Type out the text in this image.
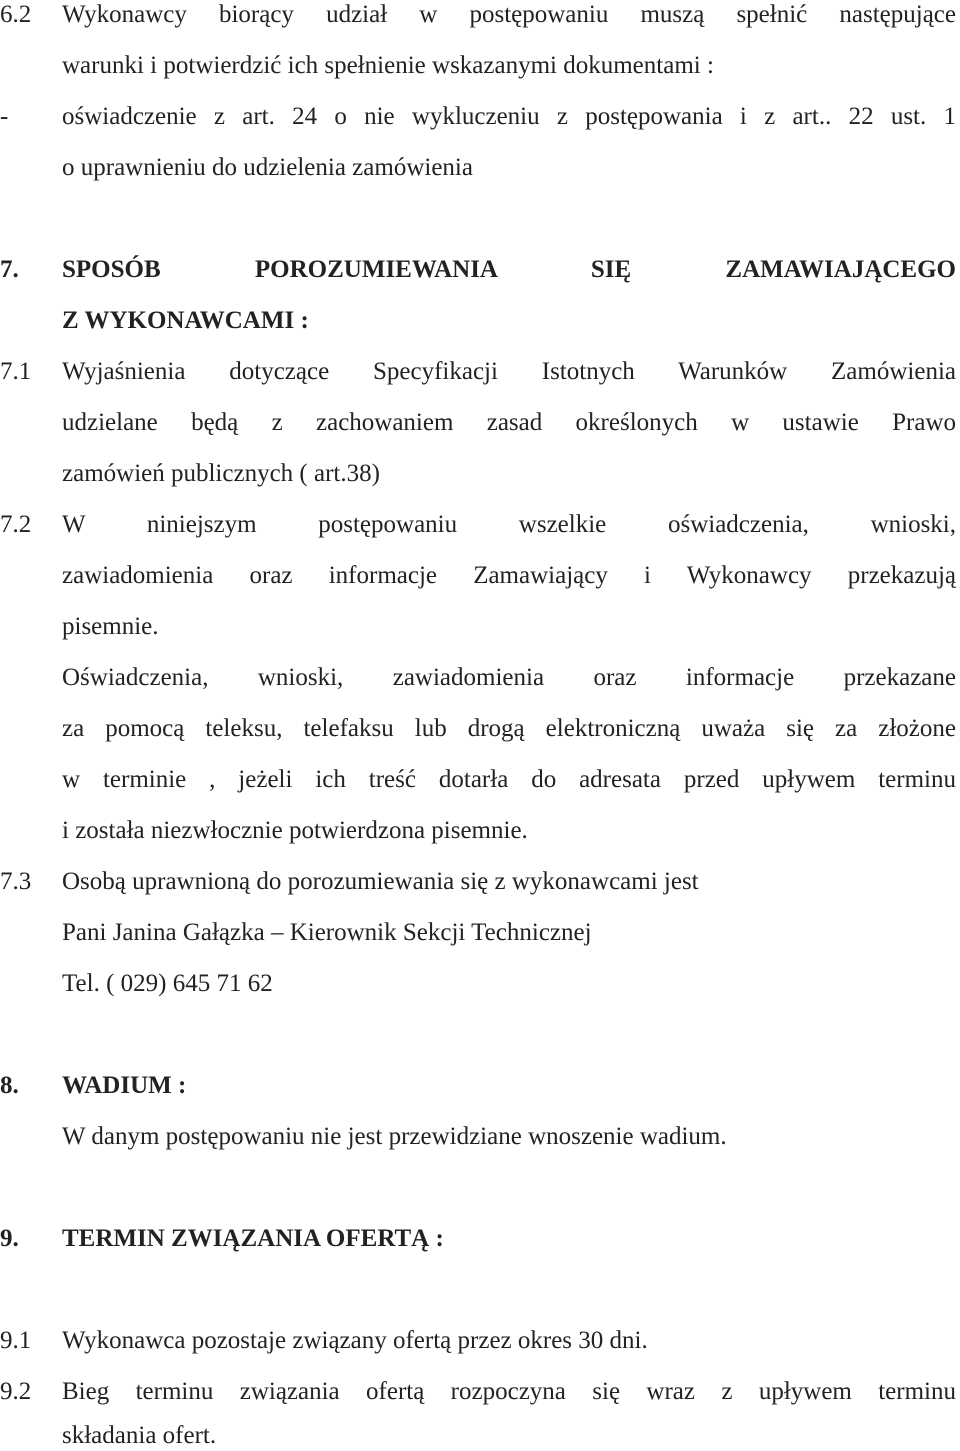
6.2 Wykonawcy biorący udział w postępowaniu muszą spełnić następujące
warunki i potwierdzić ich spełnienie wskazanymi dokumentami :
- oświadczenie z art. 24 o nie wykluczeniu z postępowania i z art.. 22 ust. 1
o uprawnieniu do udzielenia zamówienia
7. SPOSÓB POROZUMIEWANIA SIĘ ZAMAWIAJĄCEGO
Z WYKONAWCAMI :
7.1 Wyjaśnienia dotyczące Specyfikacji Istotnych Warunków Zamówienia
udzielane będą z zachowaniem zasad określonych w ustawie Prawo
zamówień publicznych ( art.38)
7.2 W niniejszym postępowaniu wszelkie oświadczenia, wnioski,
zawiadomienia oraz informacje Zamawiający i Wykonawcy przekazują
pisemnie.
Oświadczenia, wnioski, zawiadomienia oraz informacje przekazane
za pomocą teleksu, telefaksu lub drogą elektroniczną uważa się za złożone
w terminie , jeżeli ich treść dotarła do adresata przed upływem terminu
i została niezwłocznie potwierdzona pisemnie.
7.3 Osobą uprawnioną do porozumiewania się z wykonawcami jest
Pani Janina Gałązka – Kierownik Sekcji Technicznej
Tel. ( 029) 645 71 62
8. WADIUM :
W danym postępowaniu nie jest przewidziane wnoszenie wadium.
9. TERMIN ZWIĄZANIA OFERTĄ :
9.1 Wykonawca pozostaje związany ofertą przez okres 30 dni.
9.2 Bieg terminu związania ofertą rozpoczyna się wraz z upływem terminu
składania ofert.
